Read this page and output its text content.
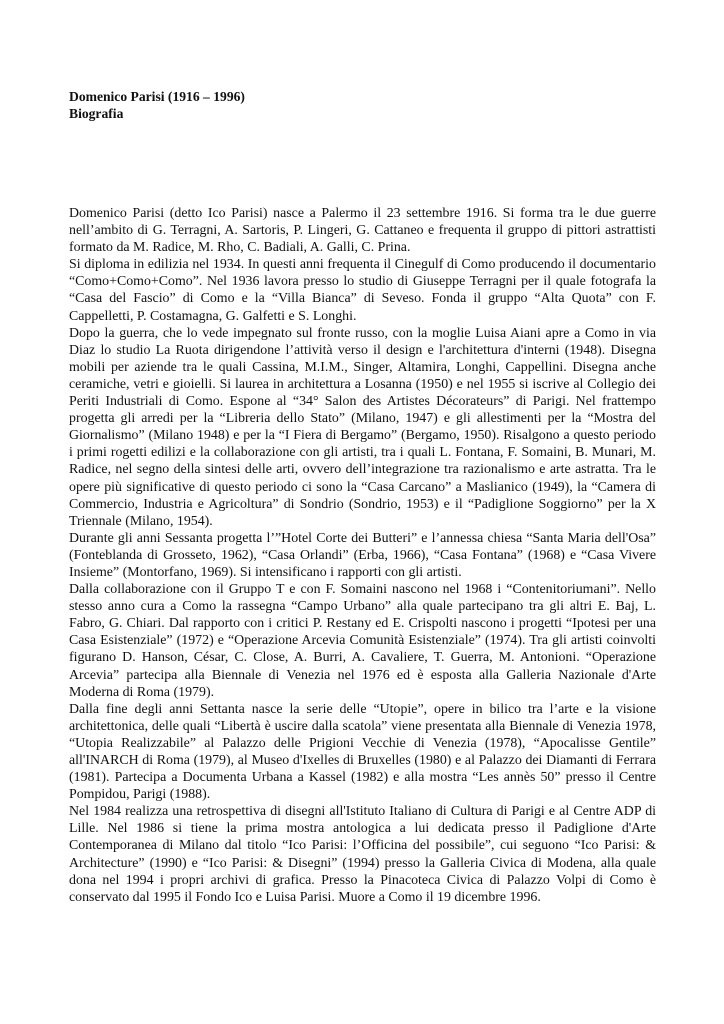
Domenico Parisi (1916 – 1996)
Biografia

Domenico Parisi (detto Ico Parisi) nasce a Palermo il 23 settembre 1916. Si forma tra le due guerre nell’ambito di G. Terragni, A. Sartoris, P. Lingeri, G. Cattaneo e frequenta il gruppo di pittori astrattisti formato da M. Radice, M. Rho, C. Badiali, A. Galli, C. Prina.

Si diploma in edilizia nel 1934. In questi anni frequenta il Cinegulf di Como producendo il documentario “Como+Como+Como”. Nel 1936 lavora presso lo studio di Giuseppe Terragni per il quale fotografa la “Casa del Fascio” di Como e la “Villa Bianca” di Seveso. Fonda il gruppo “Alta Quota” con F. Cappelletti, P. Costamagna, G. Galfetti e S. Longhi.

Dopo la guerra, che lo vede impegnato sul fronte russo, con la moglie Luisa Aiani apre a Como in via Diaz lo studio La Ruota dirigendone l’attività verso il design e l'architettura d'interni (1948). Disegna mobili per aziende tra le quali Cassina, M.I.M., Singer, Altamira, Longhi, Cappellini. Disegna anche ceramiche, vetri e gioielli. Si laurea in architettura a Losanna (1950) e nel 1955 si iscrive al Collegio dei Periti Industriali di Como. Espone al “34° Salon des Artistes Décorateurs” di Parigi. Nel frattempo progetta gli arredi per la “Libreria dello Stato” (Milano, 1947) e gli allestimenti per la “Mostra del Giornalismo” (Milano 1948) e per la “I Fiera di Bergamo” (Bergamo, 1950). Risalgono a questo periodo i primi rogetti edilizi e la collaborazione con gli artisti, tra i quali L. Fontana, F. Somaini, B. Munari, M. Radice, nel segno della sintesi delle arti, ovvero dell’integrazione tra razionalismo e arte astratta. Tra le opere più significative di questo periodo ci sono la “Casa Carcano” a Maslianico (1949), la “Camera di Commercio, Industria e Agricoltura” di Sondrio (Sondrio, 1953) e il “Padiglione Soggiorno” per la X Triennale (Milano, 1954).

Durante gli anni Sessanta progetta l’”Hotel Corte dei Butteri” e l’annessa chiesa “Santa Maria dell'Osa” (Fonteblanda di Grosseto, 1962), “Casa Orlandi” (Erba, 1966), “Casa Fontana” (1968) e “Casa Vivere Insieme” (Montorfano, 1969). Si intensificano i rapporti con gli artisti.

Dalla collaborazione con il Gruppo T e con F. Somaini nascono nel 1968 i “Contenitoriumani”. Nello stesso anno cura a Como la rassegna “Campo Urbano” alla quale partecipano tra gli altri E. Baj, L. Fabro, G. Chiari. Dal rapporto con i critici P. Restany ed E. Crispolti nascono i progetti “Ipotesi per una Casa Esistenziale” (1972) e “Operazione Arcevia Comunità Esistenziale” (1974). Tra gli artisti coinvolti figurano D. Hanson, César, C. Close, A. Burri, A. Cavaliere, T. Guerra, M. Antonioni. “Operazione Arcevia” partecipa alla Biennale di Venezia nel 1976 ed è esposta alla Galleria Nazionale d'Arte Moderna di Roma (1979).

Dalla fine degli anni Settanta nasce la serie delle “Utopie”, opere in bilico tra l’arte e la visione architettonica, delle quali “Libertà è uscire dalla scatola” viene presentata alla Biennale di Venezia 1978, “Utopia Realizzabile” al Palazzo delle Prigioni Vecchie di Venezia (1978), “Apocalisse Gentile” all'INARCH di Roma (1979), al Museo d'Ixelles di Bruxelles (1980) e al Palazzo dei Diamanti di Ferrara (1981). Partecipa a Documenta Urbana a Kassel (1982) e alla mostra “Les annès 50” presso il Centre Pompidou, Parigi (1988).

Nel 1984 realizza una retrospettiva di disegni all'Istituto Italiano di Cultura di Parigi e al Centre ADP di Lille. Nel 1986 si tiene la prima mostra antologica a lui dedicata presso il Padiglione d'Arte Contemporanea di Milano dal titolo “Ico Parisi: l’Officina del possibile”, cui seguono “Ico Parisi: & Architecture” (1990) e “Ico Parisi: & Disegni” (1994) presso la Galleria Civica di Modena, alla quale dona nel 1994 i propri archivi di grafica. Presso la Pinacoteca Civica di Palazzo Volpi di Como è conservato dal 1995 il Fondo Ico e Luisa Parisi. Muore a Como il 19 dicembre 1996.
